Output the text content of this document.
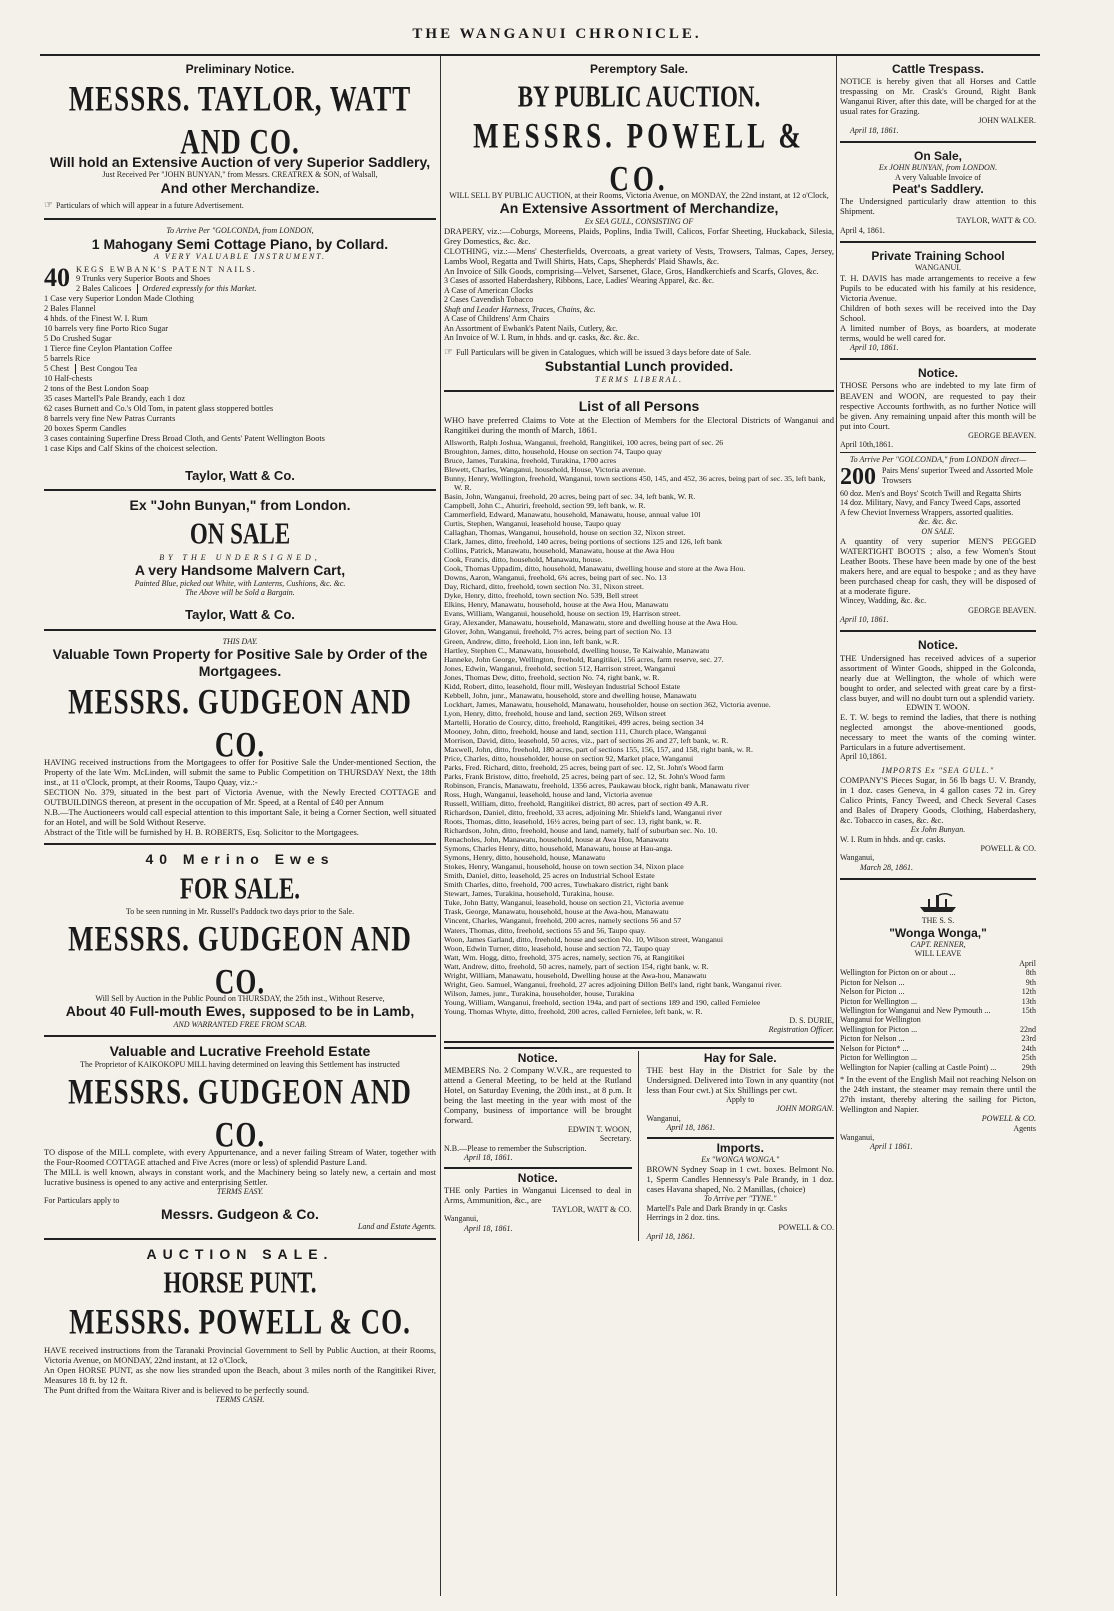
THE WANGANUI CHRONICLE.
Preliminary Notice.
MESSRS. TAYLOR, WATT AND CO.
Will hold an Extensive Auction of very Superior Saddlery,
Just Received Per "JOHN BUNYAN," from Messrs. CREATREX & SON, of Walsall,
And other Merchandize.
☞ Particulars of which will appear in a future Advertisement.
To Arrive Per "GOLCONDA, from LONDON,
1 Mahogany Semi Cottage Piano, by Collard.
A VERY VALUABLE INSTRUMENT.
40 KEGS EWBANK'S PATENT NAILS.
9 Trunks very Superior Boots and Shoes
2 Bales Calicoes Ordered expressly for this Market.
1 Case very Superior London Made Clothing
2 Bales Flannel
4 hhds. of the Finest W. I. Rum
10 barrels very fine Porto Rico Sugar
5 Do Crushed Sugar
1 Tierce fine Ceylon Plantation Coffee
5 barrels Rice
5 Chest Best Congou Tea
10 Half-chests
2 tons of the Best London Soap
35 cases Martell's Pale Brandy, each 1 doz
62 cases Burnett and Co.'s Old Tom, in patent glass stoppered bottles
8 barrels very fine New Patras Currants
20 boxes Sperm Candles
3 cases containing Superfine Dress Broad Cloth, and Gents' Patent Wellington Boots
1 case Kips and Calf Skins of the choicest selection.
Taylor, Watt & Co.
Ex "John Bunyan," from London.
ON SALE
BY THE UNDERSIGNED,
A very Handsome Malvern Cart,
Painted Blue, picked out White, with Lanterns, Cushions, &c. &c.
The Above will be Sold a Bargain.
Taylor, Watt & Co.
THIS DAY.
Valuable Town Property for Positive Sale by Order of the Mortgagees.
MESSRS. GUDGEON AND CO.
HAVING received instructions from the Mortgagees to offer for Positive Sale the Under-mentioned Section, the Property of the late Wm. McLinden, will submit the same to Public Competition on THURSDAY Next, the 18th inst., at 11 o'Clock, prompt, at their Rooms, Taupo Quay, viz.:-
SECTION No. 379, situated in the best part of Victoria Avenue, with the Newly Erected COTTAGE and OUTBUILDINGS thereon, at present in the occupation of Mr. Speed, at a Rental of £40 per Annum
N.B.—The Auctioneers would call especial attention to this important Sale, it being a Corner Section, well situated for an Hotel, and will be Sold Without Reserve.
Abstract of the Title will be furnished by H. B. ROBERTS, Esq. Solicitor to the Mortgagees.
40 Merino Ewes
FOR SALE.
To be seen running in Mr. Russell's Paddock two days prior to the Sale.
MESSRS. GUDGEON AND CO.
Will Sell by Auction in the Public Pound on THURSDAY, the 25th inst., Without Reserve,
About 40 Full-mouth Ewes, supposed to be in Lamb,
AND WARRANTED FREE FROM SCAB.
Valuable and Lucrative Freehold Estate
The Proprietor of KAIKOKOPU MILL having determined on leaving this Settlement has instructed
MESSRS. GUDGEON AND CO.
TO dispose of the MILL complete, with every Appurtenance, and a never failing Stream of Water, together with the Four-Roomed COTTAGE attached and Five Acres (more or less) of splendid Pasture Land.
The MILL is well known, always in constant work, and the Machinery being so lately new, a certain and most lucrative business is opened to any active and enterprising Settler.
TERMS EASY.
For Particulars apply to
Messrs. Gudgeon & Co.
Land and Estate Agents.
AUCTION SALE.
HORSE PUNT.
MESSRS. POWELL & CO.
HAVE received instructions from the Taranaki Provincial Government to Sell by Public Auction, at their Rooms, Victoria Avenue, on MONDAY, 22nd instant, at 12 o'Clock,
An Open HORSE PUNT, as she now lies stranded upon the Beach, about 3 miles north of the Rangitikei River, Measures 18 ft. by 12 ft.
The Punt drifted from the Waitara River and is believed to be perfectly sound.
TERMS CASH.
Peremptory Sale.
BY PUBLIC AUCTION.
MESSRS. POWELL & CO.
WILL SELL BY PUBLIC AUCTION, at their Rooms, Victoria Avenue, on MONDAY, the 22nd instant, at 12 o'Clock,
An Extensive Assortment of Merchandize,
Ex SEA GULL, CONSISTING OF
DRAPERY, viz.:—Coburgs, Moreens, Plaids, Poplins, India Twill, Calicos, Forfar Sheeting, Huckaback, Silesia, Grey Domestics, &c. &c.
CLOTHING, viz.:—Mens' Chesterfields, Overcoats, a great variety of Vests, Trowsers, Talmas, Capes, Jersey, Lambs Wool, Regatta and Twill Shirts, Hats, Caps, Shepherds' Plaid Shawls, &c.
An Invoice of Silk Goods, comprising—Velvet, Sarsenet, Glace, Gros, Handkerchiefs and Scarfs, Gloves, &c.
3 Cases of assorted Haberdashery, Ribbons, Lace, Ladies' Wearing Apparel, &c. &c.
A Case of American Clocks
2 Cases Cavendish Tobacco
Shaft and Leader Harness, Traces, Chains, &c.
A Case of Childrens' Arm Chairs
An Assortment of Ewbank's Patent Nails, Cutlery, &c.
An Invoice of W. I. Rum, in hhds. and qr. casks, &c. &c. &c.
☞ Full Particulars will be given in Catalogues, which will be issued 3 days before date of Sale.
Substantial Lunch provided.
TERMS LIBERAL.
List of all Persons
WHO have preferred Claims to Vote at the Election of Members for the Electoral Districts of Wanganui and Rangitikei during the month of March, 1861.
Allsworth, Ralph Joshua, Wanganui, freehold, Rangitikei, 100 acres, being part of sec. 26
Broughton, James, ditto, household, House on section 74, Taupo quay
Bruce, James, Turakina, freehold, Turakina, 1700 acres
Blewett, Charles, Wanganui, household, House, Victoria avenue.
Bunny, Henry, Wellington, freehold, Wanganui, town sections 450, 145, and 452, 36 acres, being part of sec. 35, left bank, W. R.
Basin, John, Wanganui, freehold, 20 acres, being part of sec. 34, left bank, W. R.
Campbell, John C., Ahuriri, freehold, section 99, left bank, w. R.
Cammerfield, Edward, Manawatu, household, Manawatu, house, annual value 10l
Curtis, Stephen, Wanganui, leasehold house, Taupo quay
Callaghan, Thomas, Wanganui, household, house on section 32, Nixon street.
Clark, James, ditto, freehold, 140 acres, being portions of sections 125 and 126, left bank
Collins, Patrick, Manawatu, household, Manawatu, house at the Awa Hou
Cook, Francis, ditto, household, Manawatu, house.
Cook, Thomas Uppadim, ditto, household, Manawatu, dwelling house and store at the Awa Hou.
Downs, Aaron, Wanganui, freehold, 6¾ acres, being part of sec. No. 13
Day, Richard, ditto, freehold, town section No. 31, Nixon street.
Dyke, Henry, ditto, freehold, town section No. 539, Bell street
Elkins, Henry, Manawatu, household, house at the Awa Hou, Manawatu
Evans, William, Wanganui, household, house on section 19, Harrison street.
Gray, Alexander, Manawatu, household, Manawatu, store and dwelling house at the Awa Hou.
Glover, John, Wanganui, freehold, 7½ acres, being part of section No. 13
Green, Andrew, ditto, freehold, Lion inn, left bank, w.R.
Hartley, Stephen C., Manawatu, household, dwelling house, Te Kaiwahie, Manawatu
Hanneke, John George, Wellington, freehold, Rangitikei, 156 acres, farm reserve, sec. 27.
Jones, Edwin, Wanganui, freehold, section 512, Harrison street, Wanganui
Jones, Thomas Dew, ditto, freehold, section No. 74, right bank, w. R.
Kidd, Robert, ditto, leasehold, flour mill, Wesleyan Industrial School Estate
Kebbell, John, junr., Manawatu, household, store and dwelling house, Manawatu
Lockhart, James, Manawatu, household, Manawatu, householder, house on section 362, Victoria avenue.
Lyon, Henry, ditto, freehold, house and land, section 269, Wilson street
Martelli, Horatio de Courcy, ditto, freehold, Rangitikei, 499 acres, being section 34
Mooney, John, ditto, freehold, house and land, section 111, Church place, Wanganui
Morrison, David, ditto, leasehold, 50 acres, viz., part of sections 26 and 27, left bank, w. R.
Maxwell, John, ditto, freehold, 180 acres, part of sections 155, 156, 157, and 158, right bank, w. R.
Price, Charles, ditto, householder, house on section 92, Market place, Wanganui
Parks, Fred. Richard, ditto, freehold, 25 acres, being part of sec. 12, St. John's Wood farm
Parks, Frank Bristow, ditto, freehold, 25 acres, being part of sec. 12, St. John's Wood farm
Robinson, Francis, Manawatu, freehold, 1356 acres, Paukawau block, right bank, Manawatu river
Ross, Hugh, Wanganui, leasehold, house and land, Victoria avenue
Russell, William, ditto, freehold, Rangitikei district, 80 acres, part of section 49 A.R.
Richardson, Daniel, ditto, freehold, 33 acres, adjoining Mr. Shield's land, Wanganui river
Roots, Thomas, ditto, leasehold, 16½ acres, being part of sec. 13, right bank, w. R.
Richardson, John, ditto, freehold, house and land, namely, half of suburban sec. No. 10.
Renacholes, John, Manawatu, household, house at Awa Hou, Manawatu
Symons, Charles Henry, ditto, household, Manawatu, house at Hau-anga.
Symons, Henry, ditto, household, house, Manawatu
Stokes, Henry, Wanganui, household, house on town section 34, Nixon place
Smith, Daniel, ditto, leasehold, 25 acres on Industrial School Estate
Smith Charles, ditto, freehold, 700 acres, Tuwhakaro district, right bank
Stewart, James, Turakina, household, Turakina, house.
Tuke, John Batty, Wanganui, leasehold, house on section 21, Victoria avenue
Trask, George, Manawatu, household, house at the Awa-hou, Manawatu
Vincent, Charles, Wanganui, freehold, 200 acres, namely sections 56 and 57
Waters, Thomas, ditto, freehold, sections 55 and 56, Taupo quay.
Woon, James Garland, ditto, freehold, house and section No. 10, Wilson street, Wanganui
Woon, Edwin Turner, ditto, leasehold, house and section 72, Taupo quay
Watt, Wm. Hogg, ditto, freehold, 375 acres, namely, section 76, at Rangitikei
Watt, Andrew, ditto, freehold, 50 acres, namely, part of section 154, right bank, w. R.
Wright, William, Manawatu, household, Dwelling house at the Awa-hou, Manawatu
Wright, Geo. Samuel, Wanganui, freehold, 27 acres adjoining Dillon Bell's land, right bank, Wanganui river.
Wilson, James, junr., Turakina, householder, house, Turakina
Young, William, Wanganui, freehold, section 194a, and part of sections 189 and 190, called Fernielee
Young, Thomas Whyte, ditto, freehold, 200 acres, called Fernielee, left bank, w. R.
D. S. DURIE,
Registration Officer.
Notice.
MEMBERS No. 2 Company W.V.R., are requested to attend a General Meeting, to be held at the Rutland Hotel, on Saturday Evening, the 20th inst., at 8 p.m. It being the last meeting in the year with most of the Company, business of importance will be brought forward.
EDWIN T. WOON,
Secretary.
N.B.—Please to remember the Subscription.
April 18, 1861.
Notice.
THE only Parties in Wanganui Licensed to deal in Arms, Ammunition, &c., are
TAYLOR, WATT & CO.
Wanganui,
April 18, 1861.
Hay for Sale.
THE best Hay in the District for Sale by the Undersigned. Delivered into Town in any quantity (not less than Four cwt.) at Six Shillings per cwt.
Apply to
JOHN MORGAN.
Wanganui,
April 18, 1861.
Imports.
Ex "WONGA WONGA."
BROWN Sydney Soap in 1 cwt. boxes. Belmont No. 1, Sperm Candles Hennessy's Pale Brandy, in 1 doz. cases Havana shaped, No. 2 Manillas, (choice)
To Arrive per "TYNE."
Martell's Pale and Dark Brandy in qr. Casks
Herrings in 2 doz. tins.
POWELL & CO.
April 18, 1861.
Cattle Trespass.
NOTICE is hereby given that all Horses and Cattle trespassing on Mr. Crask's Ground, Right Bank Wanganui River, after this date, will be charged for at the usual rates for Grazing.
JOHN WALKER.
April 18, 1861.
On Sale,
Ex JOHN BUNYAN, from LONDON.
A very Valuable Invoice of
Peat's Saddlery.
The Undersigned particularly draw attention to this Shipment.
TAYLOR, WATT & CO.
April 4, 1861.
Private Training School
WANGANUI.
T. H. DAVIS has made arrangements to receive a few Pupils to be educated with his family at his residence, Victoria Avenue.
Children of both sexes will be received into the Day School.
A limited number of Boys, as boarders, at moderate terms, would be well cared for.
April 10, 1861.
Notice.
THOSE Persons who are indebted to my late firm of BEAVEN and WOON, are requested to pay their respective Accounts forthwith, as no further Notice will be given. Any remaining unpaid after this month will be put into Court.
GEORGE BEAVEN.
April 10th,1861.
To Arrive Per "GOLCONDA," from LONDON direct—
200 Pairs Mens' superior Tweed and Assorted Mole Trowsers
60 doz. Men's and Boys' Scotch Twill and Regatta Shirts
14 doz. Military, Navy, and Fancy Tweed Caps, assorted
A few Cheviot Inverness Wrappers, assorted qualities.
&c. &c. &c.
ON SALE.
A quantity of very superior MEN'S PEGGED WATERTIGHT BOOTS ; also, a few Women's Stout Leather Boots. These have been made by one of the best makers here, and are equal to bespoke ; and as they have been purchased cheap for cash, they will be disposed of at a moderate figure.
Wincey, Wadding, &c. &c.
GEORGE BEAVEN.
April 10, 1861.
Notice.
THE Undersigned has received advices of a superior assortment of Winter Goods, shipped in the Golconda, nearly due at Wellington, the whole of which were bought to order, and selected with great care by a first-class buyer, and will no doubt turn out a splendid variety.
EDWIN T. WOON.
E. T. W. begs to remind the ladies, that there is nothing neglected amongst the above-mentioned goods, necessary to meet the wants of the coming winter. Particulars in a future advertisement.
April 10,1861.
IMPORTS Ex "SEA GULL."
COMPANY'S Pieces Sugar, in 56 lb bags U. V. Brandy, in 1 doz. cases Geneva, in 4 gallon cases 72 in. Grey Calico Prints, Fancy Tweed, and Check Several Cases and Bales of Drapery Goods, Clothing, Haberdashery, &c. Tobacco in cases, &c. &c.
Ex John Bunyan.
W. I. Rum in hhds. and qr. casks.
POWELL & CO.
Wanganui,
March 28, 1861.
THE S. S.
"Wonga Wonga,"
CAPT. RENNER,
WILL LEAVE
April
Wellington for Picton on or about ...	8th
Picton for Nelson ...	9th
Nelson for Picton ...	12th
Picton for Wellington ...	13th
Wellington for Wanganui and New Pymouth ...	15th
Wanganui for Wellington	
Wellington for Picton ...	22nd
Picton for Nelson ...	23rd
Nelson for Picton* ...	24th
Picton for Wellington ...	25th
Wellington for Napier (calling at Castle Point) ...	29th
* In the event of the English Mail not reaching Nelson on the 24th instant, the steamer may remain there until the 27th instant, thereby altering the sailing for Picton, Wellington and Napier.
POWELL & CO.
Agents
Wanganui,
April 1 1861.
